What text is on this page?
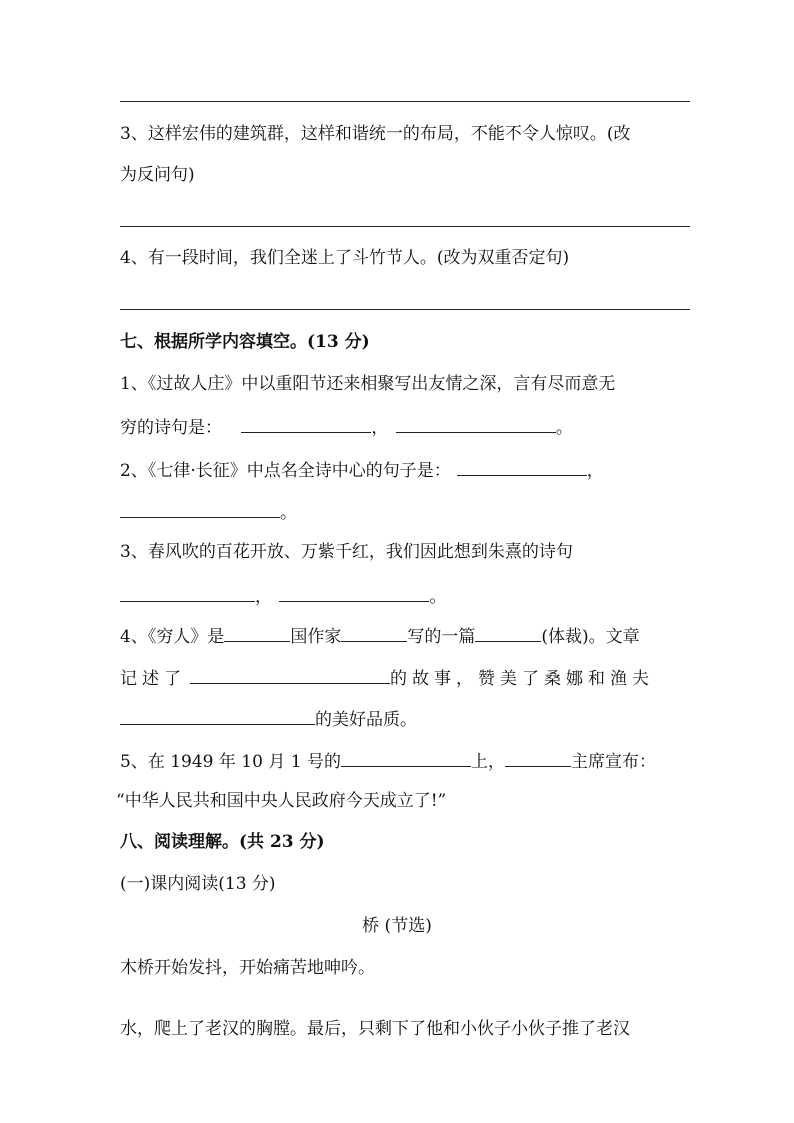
3、这样宏伟的建筑群，这样和谐统一的布局，不能不令人惊叹。(改
为反问句)
4、有一段时间，我们全迷上了斗竹节人。(改为双重否定句)
七、根据所学内容填空。(13 分)
1、《过故人庄》中以重阳节还来相聚写出友情之深，言有尽而意无
穷的诗句是：	，	。
2、《七律·长征》中点名全诗中心的句子是：	，
。
3、春风吹的百花开放、万紫千红，我们因此想到朱熹的诗句
，	。
4、《穷人》是	国作家	写的一篇	(体裁)。文章
记述了	的故事，赞美了桑娜和渔夫
的美好品质。
5、在 1949 年 10 月 1 号的	上，	主席宣布：
“中华人民共和国中央人民政府今天成立了!”
八、阅读理解。(共 23 分)
(一)课内阅读(13 分)
桥 (节选)
木桥开始发抖，开始痛苦地呻吟。
水，爬上了老汉的胸膛。最后，只剩下了他和小伙子小伙子推了老汉
